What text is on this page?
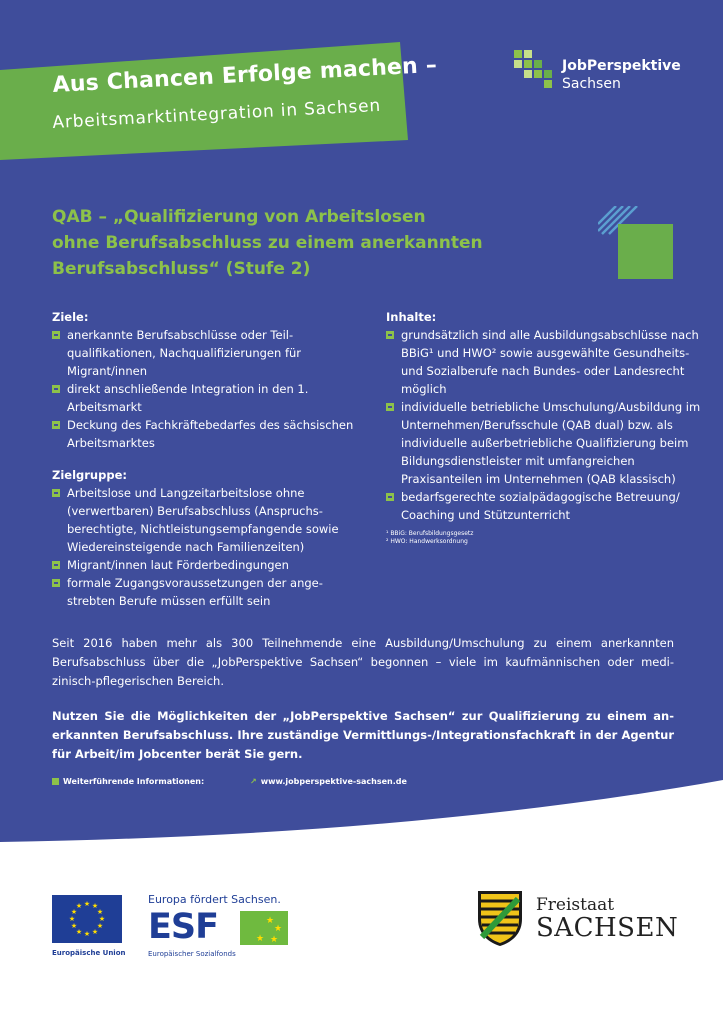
Aus Chancen Erfolge machen –
Arbeitsmarktintegration in Sachsen
JobPerspektive
Sachsen
QAB – „Qualifizierung von Arbeitslosen
ohne Berufsabschluss zu einem anerkannten
Berufsabschluss“ (Stufe 2)
Ziele:
anerkannte Berufsabschlüsse oder Teil-qualifikationen, Nachqualifizierungen für Migrant/innen
direkt anschließende Integration in den 1. Arbeitsmarkt
Deckung des Fachkräftebedarfes des sächsischen Arbeitsmarktes
Zielgruppe:
Arbeitslose und Langzeitarbeitslose ohne (verwertbaren) Berufsabschluss (Anspruchs-berechtigte, Nichtleistungsempfangende sowie Wiedereinsteigende nach Familienzeiten)
Migrant/innen laut Förderbedingungen
formale Zugangsvoraussetzungen der ange-strebten Berufe müssen erfüllt sein
Inhalte:
grundsätzlich sind alle Ausbildungsabschlüsse nach BBiG¹ und HWO² sowie ausgewählte Gesundheits- und Sozialberufe nach Bundes- oder Landesrecht möglich
individuelle betriebliche Umschulung/Ausbildung im Unternehmen/Berufsschule (QAB dual) bzw. als individuelle außerbetriebliche Qualifizierung beim Bildungsdienstleister mit umfangreichen Praxisanteilen im Unternehmen (QAB klassisch)
bedarfsgerechte sozialpädagogische Betreuung/ Coaching und Stützunterricht
¹ BBiG: Berufsbildungsgesetz
² HWO: Handwerksordnung
Seit 2016 haben mehr als 300 Teilnehmende eine Ausbildung/Umschulung zu einem anerkannten Berufsabschluss über die „JobPerspektive Sachsen“ begonnen – viele im kaufmännischen oder medi-zinisch-pflegerischen Bereich.
Nutzen Sie die Möglichkeiten der „JobPerspektive Sachsen“ zur Qualifizierung zu einem an-erkannten Berufsabschluss. Ihre zuständige Vermittlungs-/Integrationsfachkraft in der Agentur für Arbeit/im Jobcenter berät Sie gern.
Weiterführende Informationen:	↗ www.jobperspektive-sachsen.de
★ ★
★
★
★
★
★
★
★
★
★
★
Europäische Union
Europa fördert Sachsen.
ESF	★
★
★ ★
Europäischer Sozialfonds
Freistaat
SACHSEN
